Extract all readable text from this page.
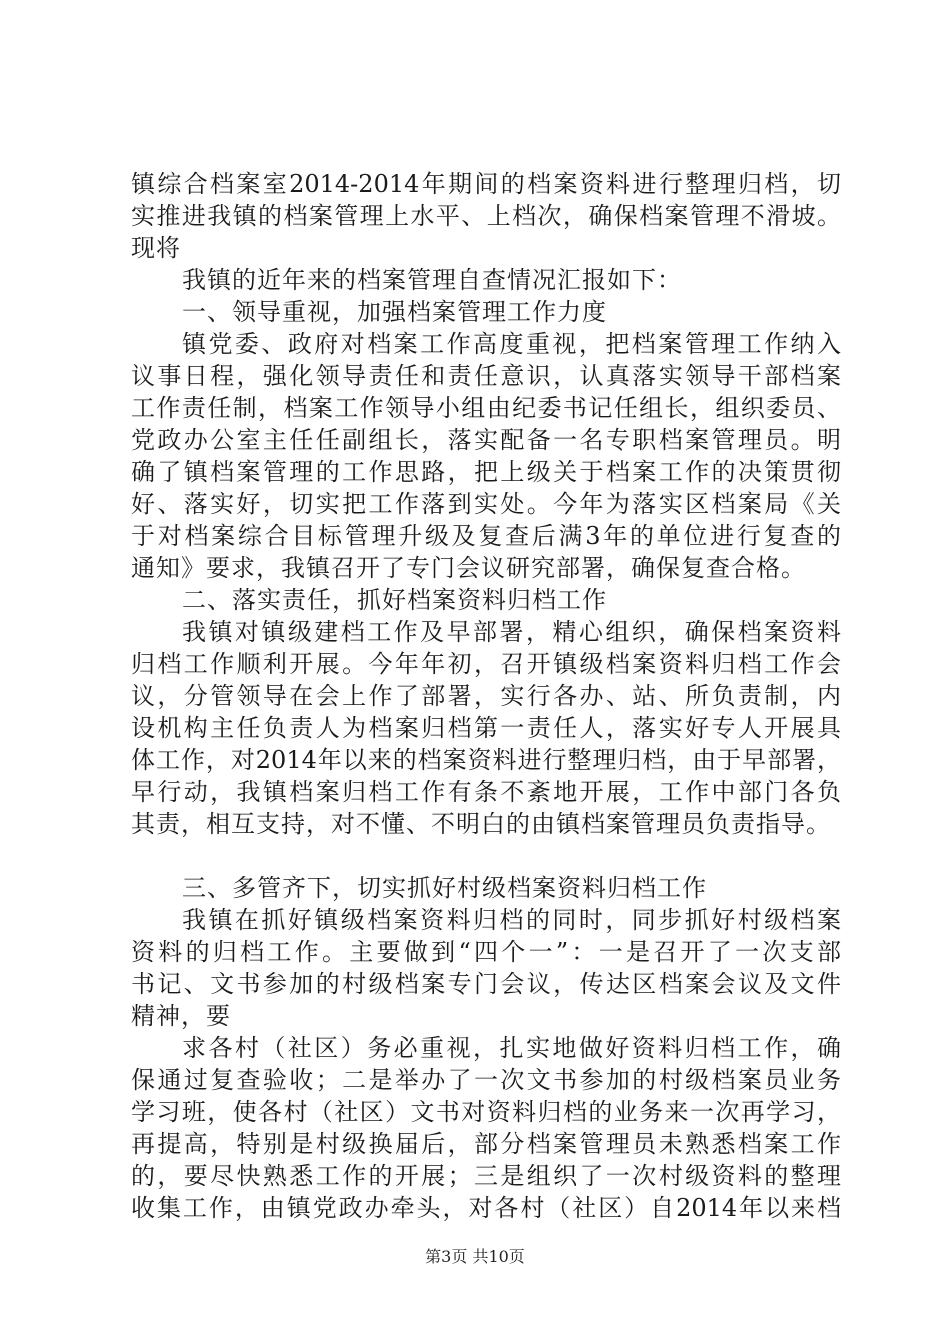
镇综合档案室2014-2014年期间的档案资料进行整理归档，切
实推进我镇的档案管理上水平、上档次，确保档案管理不滑坡。
现将
我镇的近年来的档案管理自查情况汇报如下：
一、领导重视，加强档案管理工作力度
镇党委、政府对档案工作高度重视，把档案管理工作纳入
议事日程，强化领导责任和责任意识，认真落实领导干部档案
工作责任制，档案工作领导小组由纪委书记任组长，组织委员、
党政办公室主任任副组长，落实配备一名专职档案管理员。明
确了镇档案管理的工作思路，把上级关于档案工作的决策贯彻
好、落实好，切实把工作落到实处。今年为落实区档案局《关
于对档案综合目标管理升级及复查后满3年的单位进行复查的
通知》要求，我镇召开了专门会议研究部署，确保复查合格。
二、落实责任，抓好档案资料归档工作
我镇对镇级建档工作及早部署，精心组织，确保档案资料
归档工作顺利开展。今年年初，召开镇级档案资料归档工作会
议，分管领导在会上作了部署，实行各办、站、所负责制，内
设机构主任负责人为档案归档第一责任人，落实好专人开展具
体工作，对2014年以来的档案资料进行整理归档，由于早部署，
早行动，我镇档案归档工作有条不紊地开展，工作中部门各负
其责，相互支持，对不懂、不明白的由镇档案管理员负责指导。
三、多管齐下，切实抓好村级档案资料归档工作
我镇在抓好镇级档案资料归档的同时，同步抓好村级档案
资料的归档工作。主要做到“四个一”：一是召开了一次支部
书记、文书参加的村级档案专门会议，传达区档案会议及文件
精神，要
求各村（社区）务必重视，扎实地做好资料归档工作，确
保通过复查验收；二是举办了一次文书参加的村级档案员业务
学习班，使各村（社区）文书对资料归档的业务来一次再学习，
再提高，特别是村级换届后，部分档案管理员未熟悉档案工作
的，要尽快熟悉工作的开展；三是组织了一次村级资料的整理
收集工作，由镇党政办牵头，对各村（社区）自2014年以来档
第3页 共10页
